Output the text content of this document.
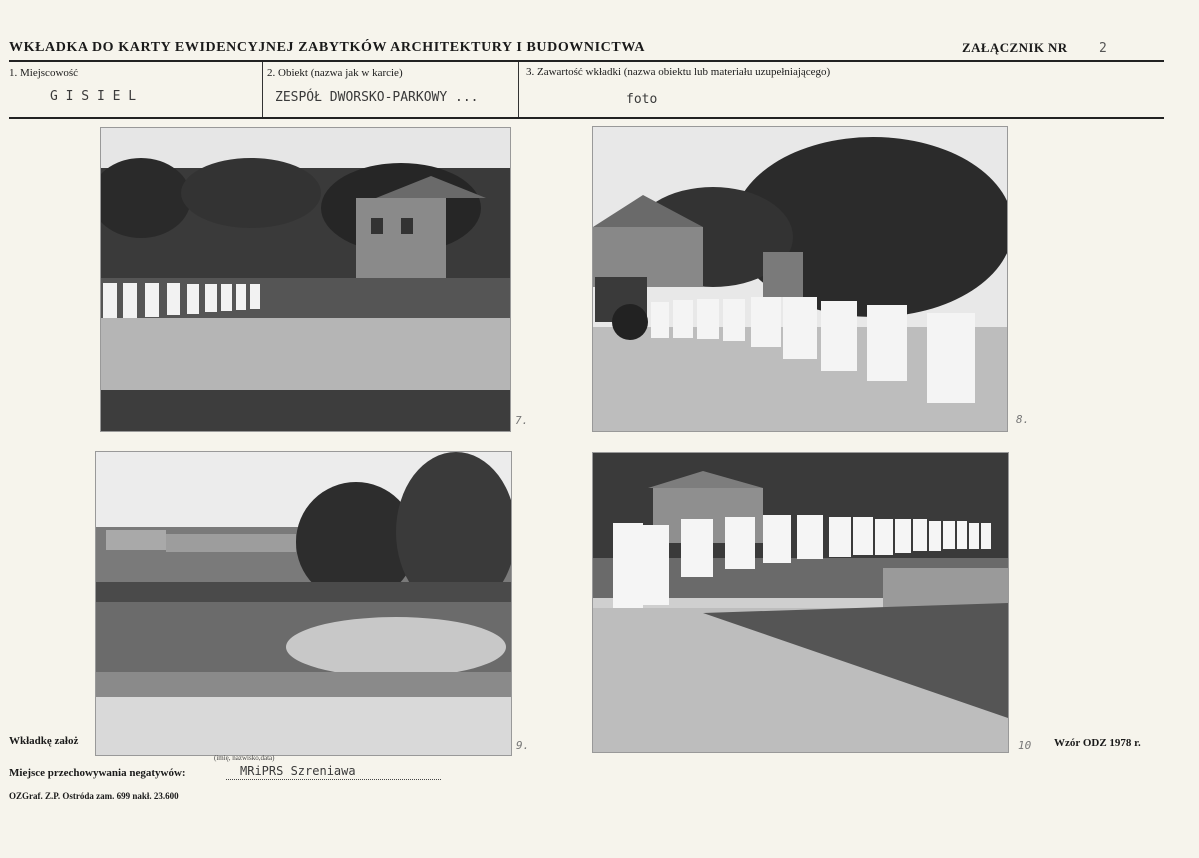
WKŁADKA DO KARTY EWIDENCYJNEJ ZABYTKÓW ARCHITEKTURY I BUDOWNICTWA	ZAŁĄCZNIK NR 2
1. Miejscowość
G I S I E L
2. Obiekt (nazwa jak w karcie)
ZESPÓŁ DWORSKO-PARKOWY ...
3. Zawartość wkładki (nazwa obiektu lub materiału uzupełniającego)
foto
7.	8.
9.	10
Wkładkę założ
(imię, nazwisko,data)
Miejsce przechowywania negatywów:	MRiPRS Szreniawa
Wzór ODZ 1978 r.
OZGraf. Z.P. Ostróda zam. 699 nakł. 23.600
